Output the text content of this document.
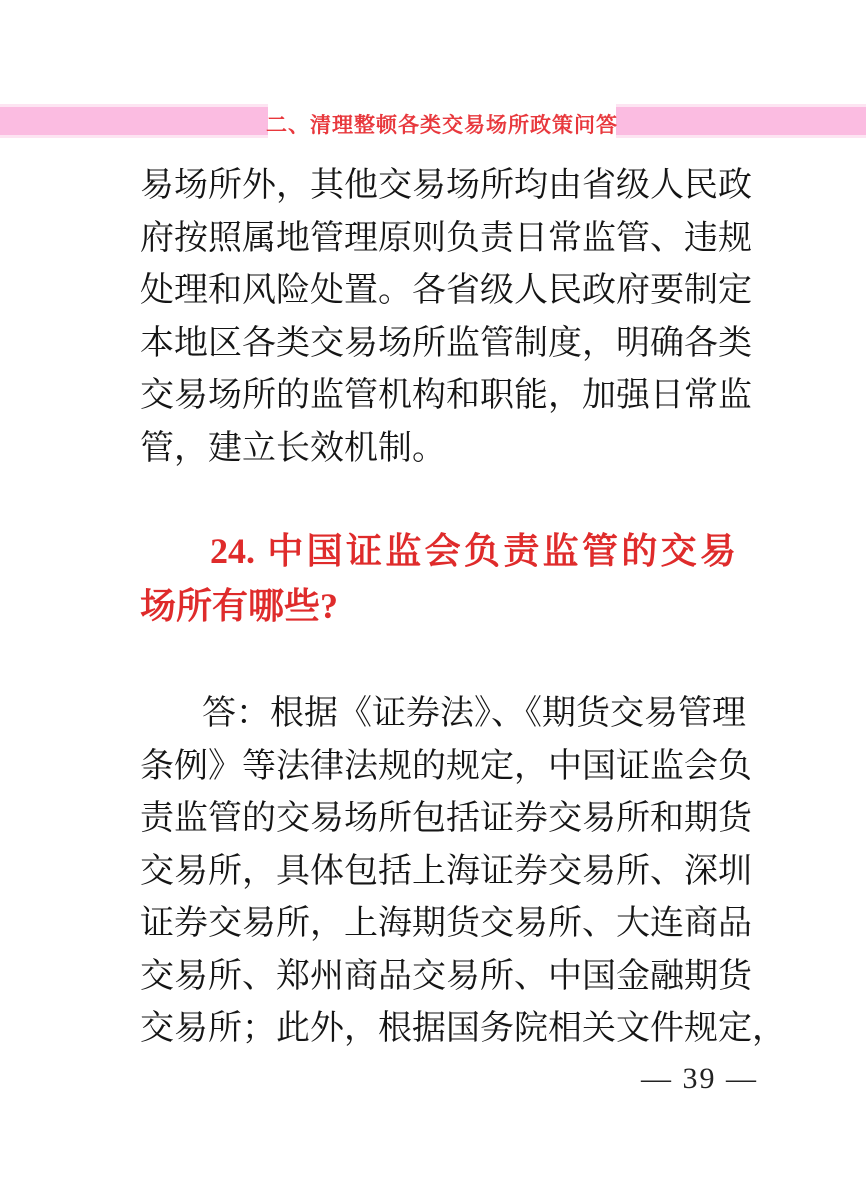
二、清理整顿各类交易场所政策问答
易场所外，其他交易场所均由省级人民政
府按照属地管理原则负责日常监管、违规
处理和风险处置。各省级人民政府要制定
本地区各类交易场所监管制度，明确各类
交易场所的监管机构和职能，加强日常监
管，建立长效机制。
24. 中国证监会负责监管的交易
场所有哪些?
答：根据《证券法》、《期货交易管理
条例》等法律法规的规定，中国证监会负
责监管的交易场所包括证券交易所和期货
交易所，具体包括上海证券交易所、深圳
证券交易所，上海期货交易所、大连商品
交易所、郑州商品交易所、中国金融期货
交易所；此外，根据国务院相关文件规定，
— 39 —
